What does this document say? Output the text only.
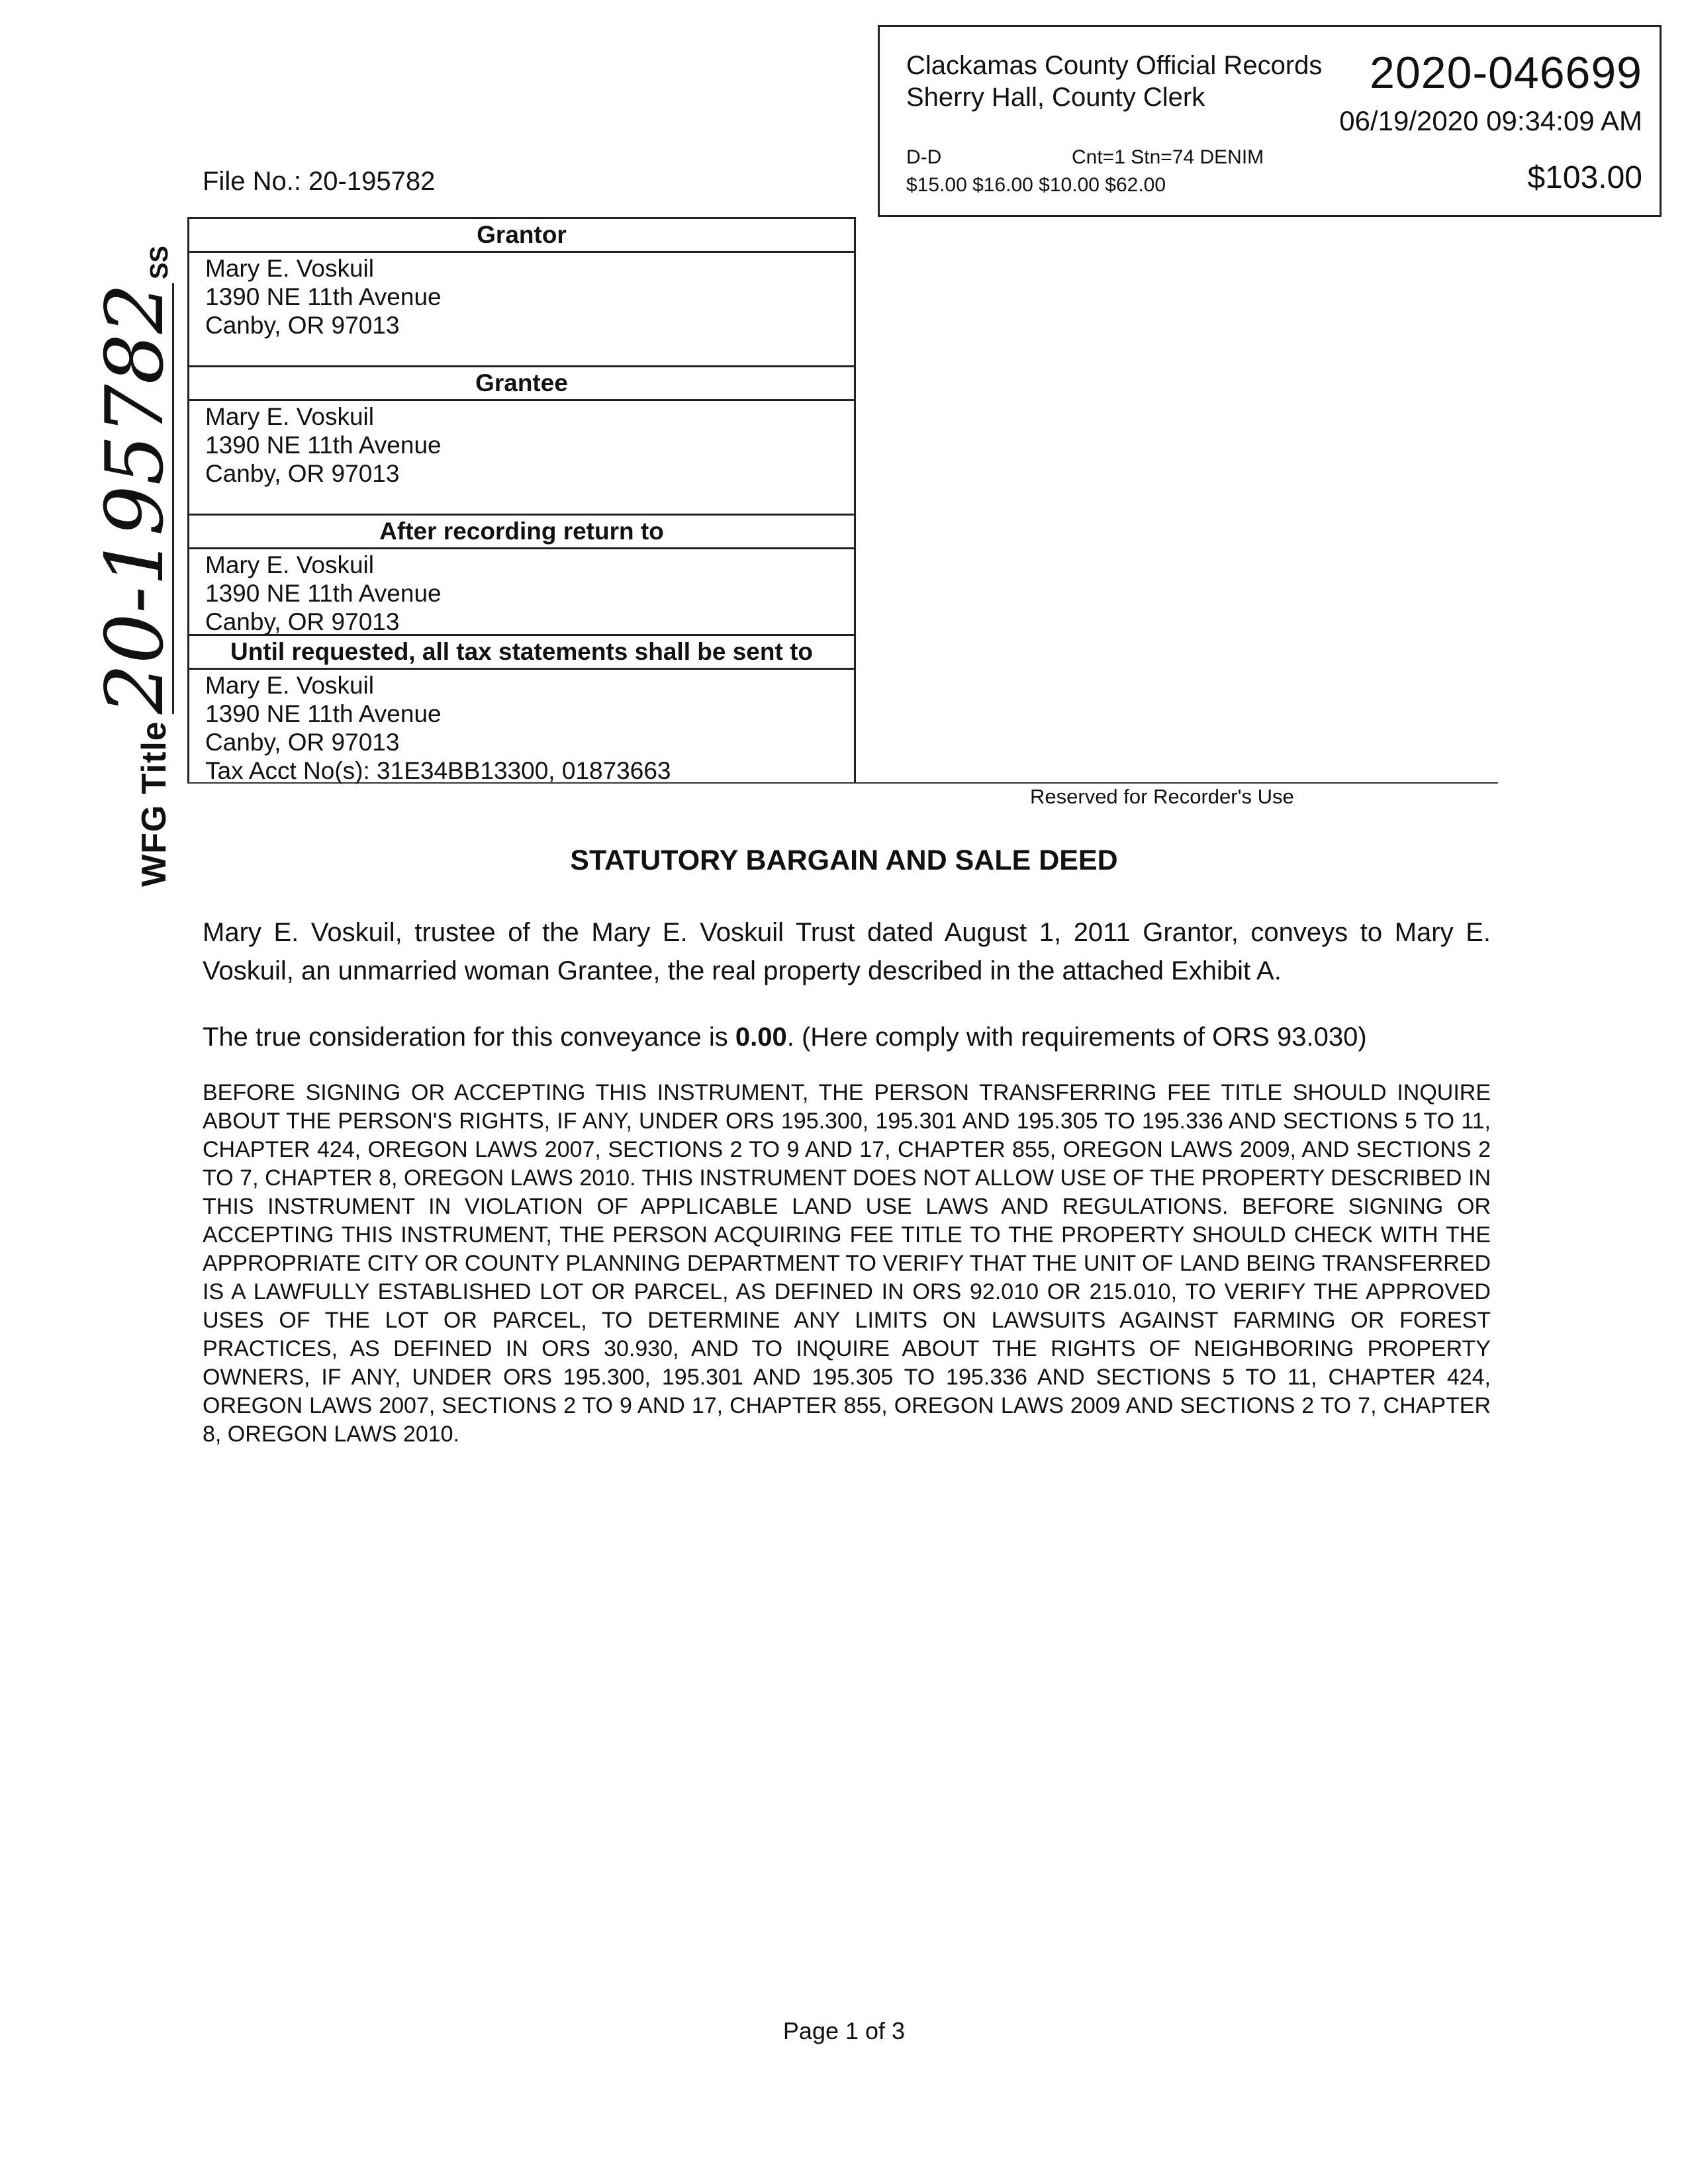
Clackamas County Official Records
Sherry Hall, County Clerk	2020-046699
06/19/2020 09:34:09 AM
D-D	Cnt=1 Stn=74 DENIM
$15.00 $16.00 $10.00 $62.00	$103.00
File No.: 20-195782
Grantor
Mary E. Voskuil
1390 NE 11th Avenue
Canby, OR 97013
Grantee
Mary E. Voskuil
1390 NE 11th Avenue
Canby, OR 97013
After recording return to
Mary E. Voskuil
1390 NE 11th Avenue
Canby, OR 97013
Until requested, all tax statements shall be sent to
Mary E. Voskuil
1390 NE 11th Avenue
Canby, OR 97013
Tax Acct No(s): 31E34BB13300, 01873663
Reserved for Recorder's Use
STATUTORY BARGAIN AND SALE DEED
Mary E. Voskuil, trustee of the Mary E. Voskuil Trust dated August 1, 2011 Grantor, conveys to Mary E. Voskuil, an unmarried woman Grantee, the real property described in the attached Exhibit A.
The true consideration for this conveyance is 0.00. (Here comply with requirements of ORS 93.030)
BEFORE SIGNING OR ACCEPTING THIS INSTRUMENT, THE PERSON TRANSFERRING FEE TITLE SHOULD INQUIRE ABOUT THE PERSON'S RIGHTS, IF ANY, UNDER ORS 195.300, 195.301 AND 195.305 TO 195.336 AND SECTIONS 5 TO 11, CHAPTER 424, OREGON LAWS 2007, SECTIONS 2 TO 9 AND 17, CHAPTER 855, OREGON LAWS 2009, AND SECTIONS 2 TO 7, CHAPTER 8, OREGON LAWS 2010. THIS INSTRUMENT DOES NOT ALLOW USE OF THE PROPERTY DESCRIBED IN THIS INSTRUMENT IN VIOLATION OF APPLICABLE LAND USE LAWS AND REGULATIONS. BEFORE SIGNING OR ACCEPTING THIS INSTRUMENT, THE PERSON ACQUIRING FEE TITLE TO THE PROPERTY SHOULD CHECK WITH THE APPROPRIATE CITY OR COUNTY PLANNING DEPARTMENT TO VERIFY THAT THE UNIT OF LAND BEING TRANSFERRED IS A LAWFULLY ESTABLISHED LOT OR PARCEL, AS DEFINED IN ORS 92.010 OR 215.010, TO VERIFY THE APPROVED USES OF THE LOT OR PARCEL, TO DETERMINE ANY LIMITS ON LAWSUITS AGAINST FARMING OR FOREST PRACTICES, AS DEFINED IN ORS 30.930, AND TO INQUIRE ABOUT THE RIGHTS OF NEIGHBORING PROPERTY OWNERS, IF ANY, UNDER ORS 195.300, 195.301 AND 195.305 TO 195.336 AND SECTIONS 5 TO 11, CHAPTER 424, OREGON LAWS 2007, SECTIONS 2 TO 9 AND 17, CHAPTER 855, OREGON LAWS 2009 AND SECTIONS 2 TO 7, CHAPTER 8, OREGON LAWS 2010.
WFG Title
20-195782
SS
Page 1 of 3
